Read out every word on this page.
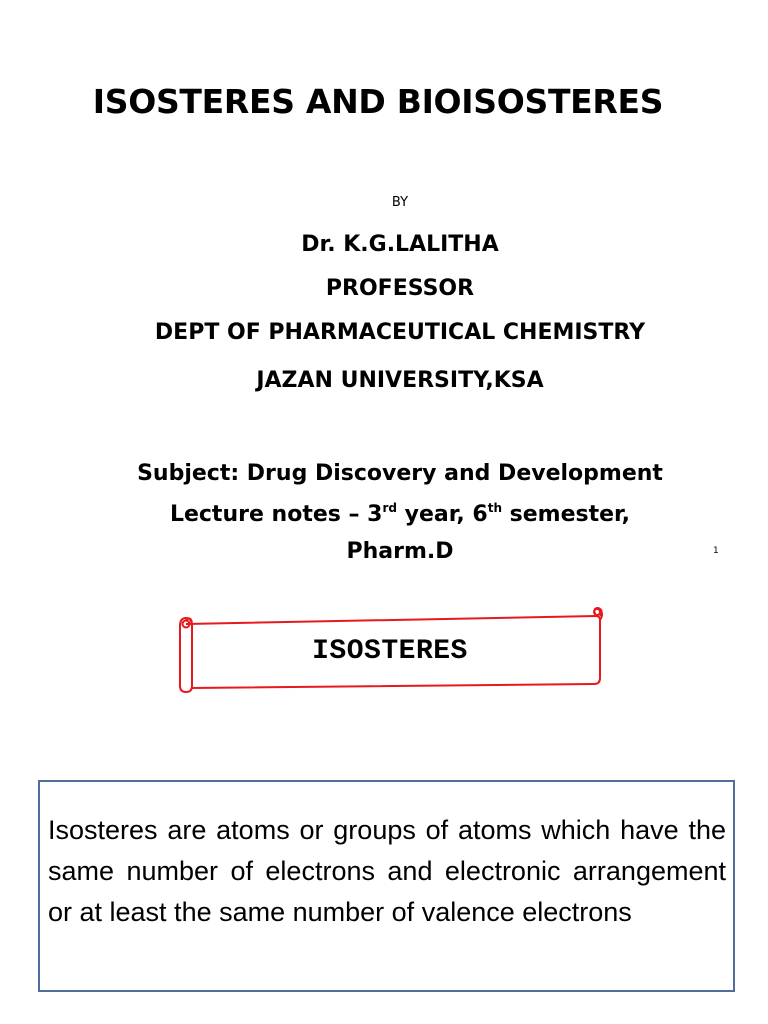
ISOSTERES AND BIOISOSTERES
BY
Dr. K.G.LALITHA
PROFESSOR
DEPT OF PHARMACEUTICAL CHEMISTRY
JAZAN UNIVERSITY,KSA
Subject: Drug Discovery and Development
Lecture notes – 3rd year, 6th semester,
Pharm.D	1
ISOSTERES

Isosteres are atoms or groups of atoms which have the same number of electrons and electronic arrangement or at least the same number of valence electrons
